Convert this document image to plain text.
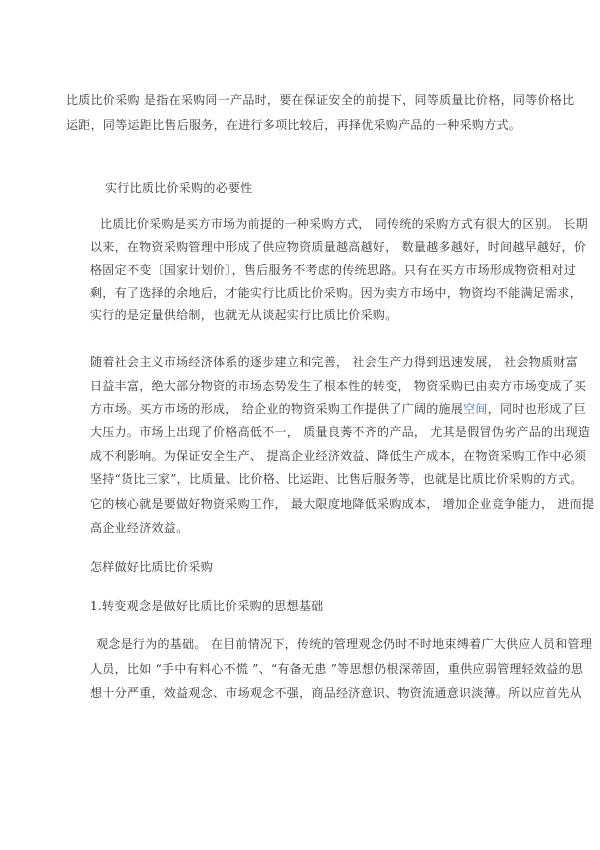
比质比价采购 是指在采购同一产品时，要在保证安全的前提下，同等质量比价格，同等价格比
运距，同等运距比售后服务，在进行多项比较后，再择优采购产品的一种采购方式。
实行比质比价采购的必要性
比质比价采购是买方市场为前提的一种采购方式， 同传统的采购方式有很大的区别。 长期
以来，在物资采购管理中形成了供应物资质量越高越好， 数量越多越好，时间越早越好，价
格固定不变〔国家计划价〕，售后服务不考虑的传统思路。只有在买方市场形成物资相对过
剩，有了选择的余地后，才能实行比质比价采购。因为卖方市场中，物资均不能满足需求，
实行的是定量供给制，也就无从谈起实行比质比价采购。
随着社会主义市场经济体系的逐步建立和完善， 社会生产力得到迅速发展， 社会物质财富
日益丰富，绝大部分物资的市场态势发生了根本性的转变， 物资采购已由卖方市场变成了买
方市场。买方市场的形成， 给企业的物资采购工作提供了广阔的施展空间，同时也形成了巨
大压力。市场上出现了价格高低不一， 质量良莠不齐的产品， 尤其是假冒伪劣产品的出现造
成不利影响。为保证安全生产、 提高企业经济效益、降低生产成本，在物资采购工作中必须
坚持“货比三家”，比质量、比价格、比运距、比售后服务等，也就是比质比价采购的方式。
它的核心就是要做好物资采购工作， 最大限度地降低采购成本， 增加企业竞争能力， 进而提
高企业经济效益。
怎样做好比质比价采购
1.转变观念是做好比质比价采购的思想基础
观念是行为的基础。 在目前情况下，传统的管理观念仍时不时地束缚着广大供应人员和管理
人员，比如 “手中有料心不慌 ”、“有备无患 ”等思想仍根深蒂固，重供应弱管理轻效益的思
想十分严重，效益观念、市场观念不强，商品经济意识、物资流通意识淡薄。所以应首先从
